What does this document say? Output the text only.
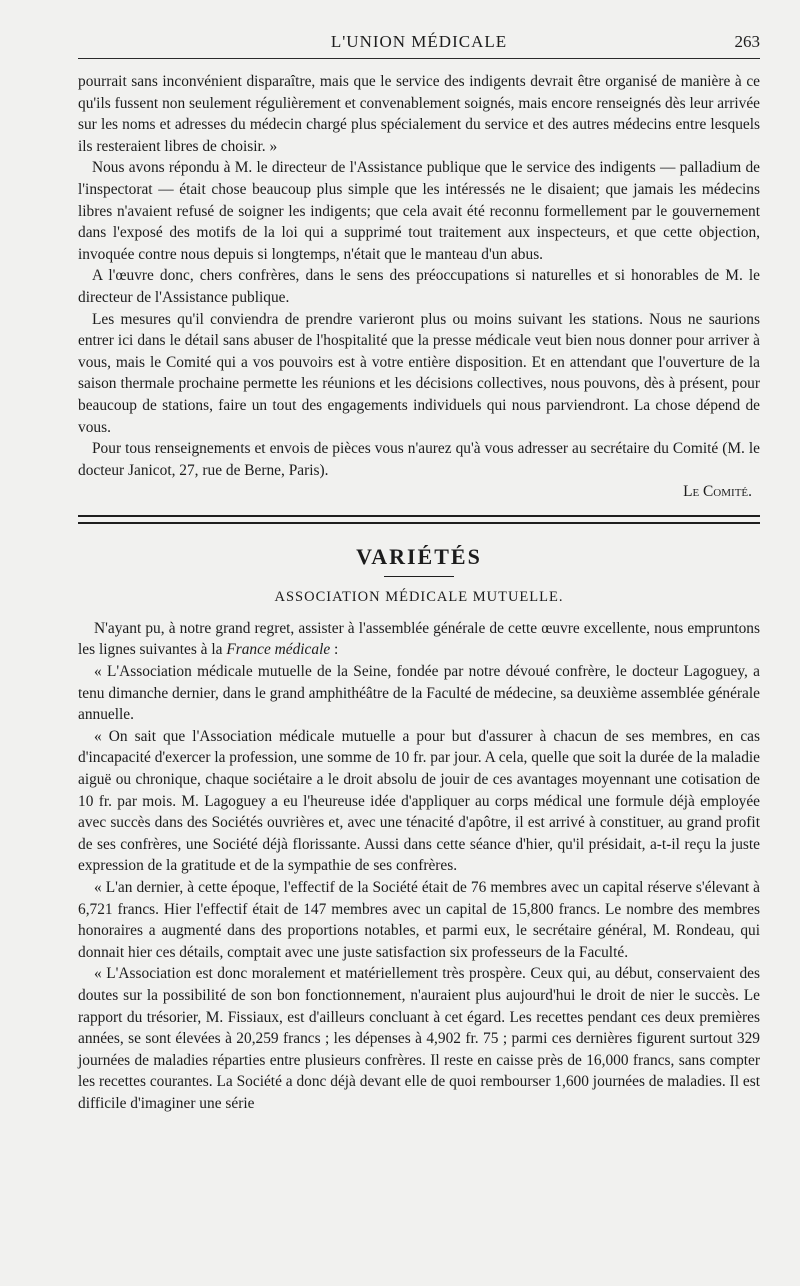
L'UNION MÉDICALE	263

pourrait sans inconvénient disparaître, mais que le service des indigents devrait être organisé de manière à ce qu'ils fussent non seulement régulièrement et convenablement soignés, mais encore renseignés dès leur arrivée sur les noms et adresses du médecin chargé plus spécialement du service et des autres médecins entre lesquels ils resteraient libres de choisir. »

Nous avons répondu à M. le directeur de l'Assistance publique que le service des indigents — palladium de l'inspectorat — était chose beaucoup plus simple que les intéressés ne le disaient; que jamais les médecins libres n'avaient refusé de soigner les indigents; que cela avait été reconnu formellement par le gouvernement dans l'exposé des motifs de la loi qui a supprimé tout traitement aux inspecteurs, et que cette objection, invoquée contre nous depuis si longtemps, n'était que le manteau d'un abus.

A l'œuvre donc, chers confrères, dans le sens des préoccupations si naturelles et si honorables de M. le directeur de l'Assistance publique.

Les mesures qu'il conviendra de prendre varieront plus ou moins suivant les stations. Nous ne saurions entrer ici dans le détail sans abuser de l'hospitalité que la presse médicale veut bien nous donner pour arriver à vous, mais le Comité qui a vos pouvoirs est à votre entière disposition. Et en attendant que l'ouverture de la saison thermale prochaine permette les réunions et les décisions collectives, nous pouvons, dès à présent, pour beaucoup de stations, faire un tout des engagements individuels qui nous parviendront. La chose dépend de vous.

Pour tous renseignements et envois de pièces vous n'aurez qu'à vous adresser au secrétaire du Comité (M. le docteur Janicot, 27, rue de Berne, Paris).

Le Comité.

VARIÉTÉS
ASSOCIATION MÉDICALE MUTUELLE.

N'ayant pu, à notre grand regret, assister à l'assemblée générale de cette œuvre excellente, nous empruntons les lignes suivantes à la France médicale :

« L'Association médicale mutuelle de la Seine, fondée par notre dévoué confrère, le docteur Lagoguey, a tenu dimanche dernier, dans le grand amphithéâtre de la Faculté de médecine, sa deuxième assemblée générale annuelle.

« On sait que l'Association médicale mutuelle a pour but d'assurer à chacun de ses membres, en cas d'incapacité d'exercer la profession, une somme de 10 fr. par jour. A cela, quelle que soit la durée de la maladie aiguë ou chronique, chaque sociétaire a le droit absolu de jouir de ces avantages moyennant une cotisation de 10 fr. par mois. M. Lagoguey a eu l'heureuse idée d'appliquer au corps médical une formule déjà employée avec succès dans des Sociétés ouvrières et, avec une ténacité d'apôtre, il est arrivé à constituer, au grand profit de ses confrères, une Société déjà florissante. Aussi dans cette séance d'hier, qu'il présidait, a-t-il reçu la juste expression de la gratitude et de la sympathie de ses confrères.

« L'an dernier, à cette époque, l'effectif de la Société était de 76 membres avec un capital réserve s'élevant à 6,721 francs. Hier l'effectif était de 147 membres avec un capital de 15,800 francs. Le nombre des membres honoraires a augmenté dans des proportions notables, et parmi eux, le secrétaire général, M. Rondeau, qui donnait hier ces détails, comptait avec une juste satisfaction six professeurs de la Faculté.

« L'Association est donc moralement et matériellement très prospère. Ceux qui, au début, conservaient des doutes sur la possibilité de son bon fonctionnement, n'auraient plus aujourd'hui le droit de nier le succès. Le rapport du trésorier, M. Fissiaux, est d'ailleurs concluant à cet égard. Les recettes pendant ces deux premières années, se sont élevées à 20,259 francs ; les dépenses à 4,902 fr. 75 ; parmi ces dernières figurent surtout 329 journées de maladies réparties entre plusieurs confrères. Il reste en caisse près de 16,000 francs, sans compter les recettes courantes. La Société a donc déjà devant elle de quoi rembourser 1,600 journées de maladies. Il est difficile d'imaginer une série
